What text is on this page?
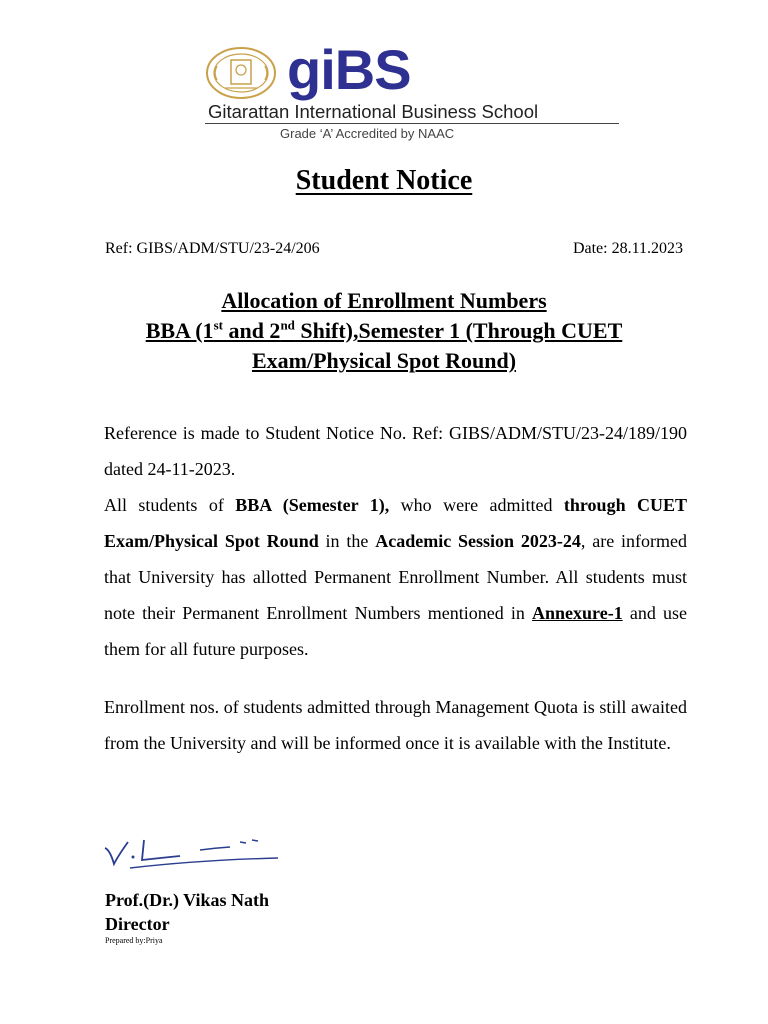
giBS
Gitarattan International Business School
Grade ‘A’ Accredited by NAAC
Student Notice
Ref: GIBS/ADM/STU/23-24/206	Date: 28.11.2023
Allocation of Enrollment Numbers
BBA (1st and 2nd Shift),Semester 1 (Through CUET
Exam/Physical Spot Round)
Reference is made to Student Notice No. Ref: GIBS/ADM/STU/23-24/189/190 dated 24-11-2023.
All students of BBA (Semester 1), who were admitted through CUET Exam/Physical Spot Round in the Academic Session 2023-24, are informed that University has allotted Permanent Enrollment Number. All students must note their Permanent Enrollment Numbers mentioned in Annexure-1 and use them for all future purposes.
Enrollment nos. of students admitted through Management Quota is still awaited from the University and will be informed once it is available with the Institute.
Prof.(Dr.) Vikas Nath
Director
Prepared by:Priya
